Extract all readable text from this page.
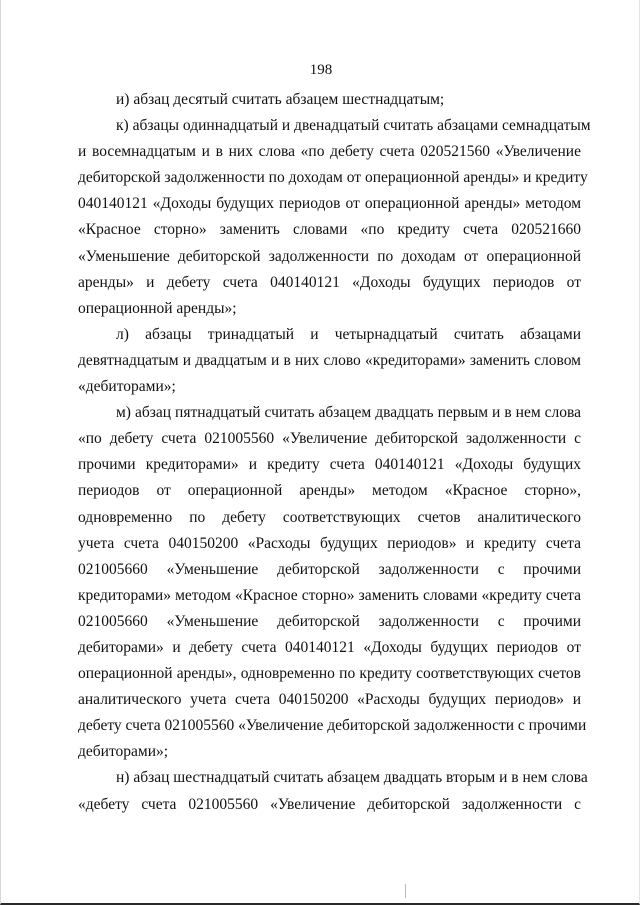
198
и) абзац десятый считать абзацем шестнадцатым;
к) абзацы одиннадцатый и двенадцатый считать абзацами семнадцатым
и восемнадцатым и в них слова «по дебету счета 020521560 «Увеличение
дебиторской задолженности по доходам от операционной аренды» и кредиту
040140121 «Доходы будущих периодов от операционной аренды» методом
«Красное сторно» заменить словами «по кредиту счета 020521660
«Уменьшение дебиторской задолженности по доходам от операционной
аренды» и дебету счета 040140121 «Доходы будущих периодов от
операционной аренды»;
л) абзацы тринадцатый и четырнадцатый считать абзацами
девятнадцатым и двадцатым и в них слово «кредиторами» заменить словом
«дебиторами»;
м) абзац пятнадцатый считать абзацем двадцать первым и в нем слова
«по дебету счета 021005560 «Увеличение дебиторской задолженности с
прочими кредиторами» и кредиту счета 040140121 «Доходы будущих
периодов от операционной аренды» методом «Красное сторно»,
одновременно по дебету соответствующих счетов аналитического
учета счета 040150200 «Расходы будущих периодов» и кредиту счета
021005660 «Уменьшение дебиторской задолженности с прочими
кредиторами» методом «Красное сторно» заменить словами «кредиту счета
021005660 «Уменьшение дебиторской задолженности с прочими
дебиторами» и дебету счета 040140121 «Доходы будущих периодов от
операционной аренды», одновременно по кредиту соответствующих счетов
аналитического учета счета 040150200 «Расходы будущих периодов» и
дебету счета 021005560 «Увеличение дебиторской задолженности с прочими
дебиторами»;
н) абзац шестнадцатый считать абзацем двадцать вторым и в нем слова
«дебету счета 021005560 «Увеличение дебиторской задолженности с
